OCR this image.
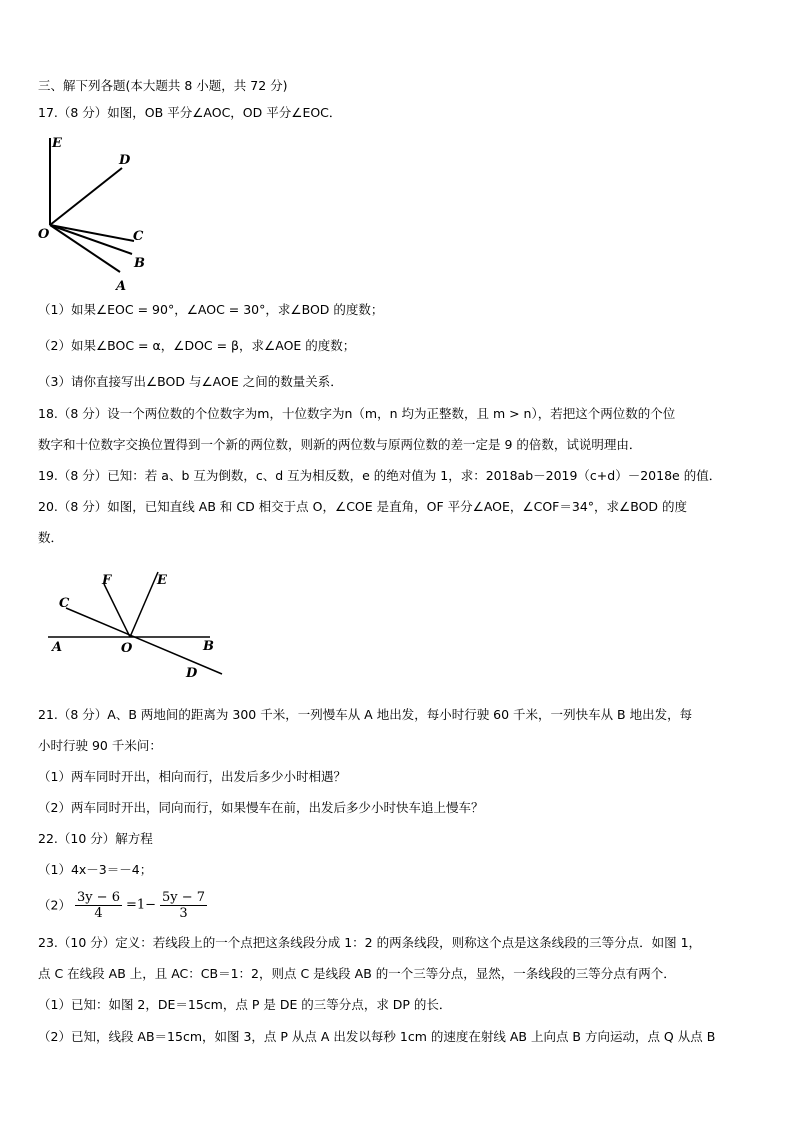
三、解下列各题(本大题共 8 小题，共 72 分)
17.（8 分）如图，OB 平分∠AOC，OD 平分∠EOC．
E
D
O	C
B
A
（1）如果∠EOC = 90°，∠AOC = 30°，求∠BOD 的度数；
（2）如果∠BOC = α，∠DOC = β，求∠AOE 的度数；
（3）请你直接写出∠BOD 与∠AOE 之间的数量关系．
18.（8 分）设一个两位数的个位数字为m，十位数字为n（m，n 均为正整数，且 m > n），若把这个两位数的个位
数字和十位数字交换位置得到一个新的两位数，则新的两位数与原两位数的差一定是 9 的倍数，试说明理由．
19.（8 分）已知：若 a、b 互为倒数，c、d 互为相反数，e 的绝对值为 1，求：2018ab－2019（c+d）－2018e 的值．
20.（8 分）如图，已知直线 AB 和 CD 相交于点 O，∠COE 是直角，OF 平分∠AOE，∠COF＝34°，求∠BOD 的度
数．
F	E
C
A	O	B
D
21.（8 分）A、B 两地间的距离为 300 千米，一列慢车从 A 地出发，每小时行驶 60 千米，一列快车从 B 地出发，每
小时行驶 90 千米问：
（1）两车同时开出，相向而行，出发后多少小时相遇？
（2）两车同时开出，同向而行，如果慢车在前，出发后多少小时快车追上慢车？
22.（10 分）解方程
（1）4x－3＝－4；
$(2) \frac{3y - 6}{4} =1- \frac{5y - 7}{3}$
23.（10 分）定义：若线段上的一个点把这条线段分成 1：2 的两条线段，则称这个点是这条线段的三等分点．如图 1，
点 C 在线段 AB 上，且 AC：CB＝1：2，则点 C 是线段 AB 的一个三等分点，显然，一条线段的三等分点有两个．
（1）已知：如图 2，DE＝15cm，点 P 是 DE 的三等分点，求 DP 的长．
（2）已知，线段 AB＝15cm，如图 3，点 P 从点 A 出发以每秒 1cm 的速度在射线 AB 上向点 B 方向运动，点 Q 从点 B
